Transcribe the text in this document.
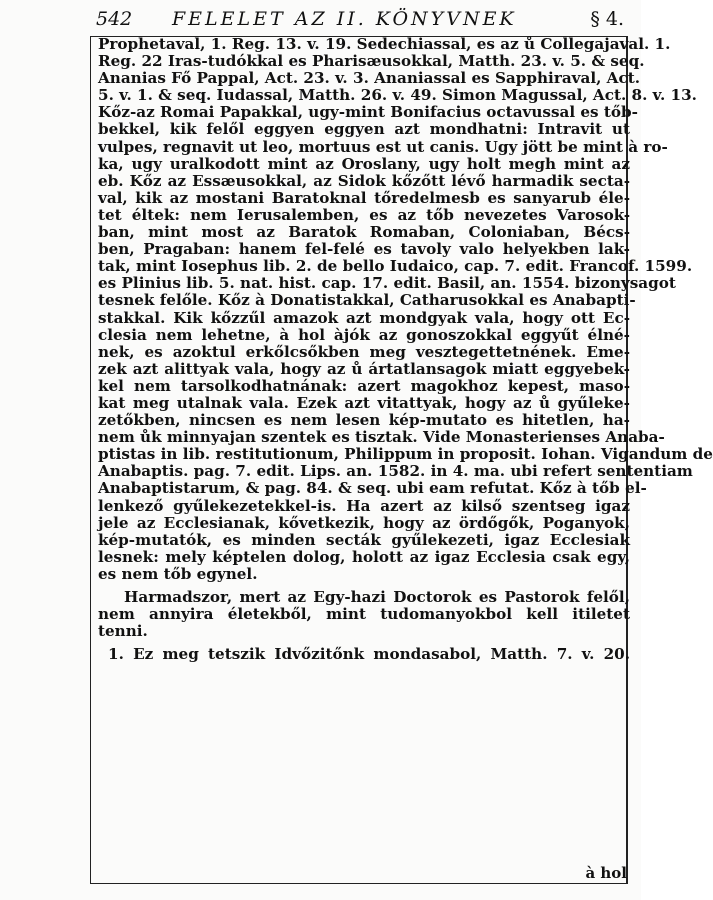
542 FELELET AZ II. KÖNYVNEK	§ 4.
Prophetaval, 1. Reg. 13. v. 19. Sedechiassal, es az ů Collegajaval. 1.
Reg. 22 Iras-tudókkal es Pharisæusokkal, Matth. 23. v. 5. & seq.
Ananias Fő Pappal, Act. 23. v. 3. Ananiassal es Sapphiraval, Act.
5. v. 1. & seq. Iudassal, Matth. 26. v. 49. Simon Magussal, Act. 8. v. 13.
Kőz-az Romai Papakkal, ugy-mint Bonifacius octavussal es tőb-
bekkel, kik felől eggyen eggyen azt mondhatni: Intravit ut
vulpes, regnavit ut leo, mortuus est ut canis. Ugy jött be mint à ro-
ka, ugy uralkodott mint az Oroslany, ugy holt megh mint az
eb. Kőz az Essæusokkal, az Sidok kőzőtt lévő harmadik secta-
val, kik az mostani Baratoknal tőredelmesb es sanyarub éle-
tet éltek: nem Ierusalemben, es az tőb nevezetes Varosok-
ban, mint most az Baratok Romaban, Coloniaban, Bécs-
ben, Pragaban: hanem fel-felé es tavoly valo helyekben lak-
tak, mint Iosephus lib. 2. de bello Iudaico, cap. 7. edit. Francof. 1599.
es Plinius lib. 5. nat. hist. cap. 17. edit. Basil, an. 1554. bizonysagot
tesnek felőle. Kőz à Donatistakkal, Catharusokkal es Anabapti-
stakkal. Kik kőzzűl amazok azt mondgyak vala, hogy ott Ec-
clesia nem lehetne, à hol àjók az gonoszokkal eggyűt élné-
nek, es azoktul erkőlcsőkben meg vesztegettetnének. Eme-
zek azt alittyak vala, hogy az ů ártatlansagok miatt eggyebek-
kel nem tarsolkodhatnának: azert magokhoz kepest, maso-
kat meg utalnak vala. Ezek azt vitattyak, hogy az ů gyűleke-
zetőkben, nincsen es nem lesen kép-mutato es hitetlen, ha-
nem ůk minnyajan szentek es tisztak. Vide Monasterienses Anaba-
ptistas in lib. restitutionum, Philippum in proposit. Iohan. Vigandum de
Anabaptis. pag. 7. edit. Lips. an. 1582. in 4. ma. ubi refert sententiam
Anabaptistarum, & pag. 84. & seq. ubi eam refutat. Kőz à tőb el-
lenkező gyűlekezetekkel-is. Ha azert az kilső szentseg igaz
jele az Ecclesianak, kővetkezik, hogy az ördőgők, Poganyok,
kép-mutatók, es minden secták gyűlekezeti, igaz Ecclesiak
lesnek: mely képtelen dolog, holott az igaz Ecclesia csak egy,
es nem tőb egynel.
Harmadszor, mert az Egy-hazi Doctorok es Pastorok felől,
nem annyira életekből, mint tudomanyokbol kell itiletet
tenni.
1. Ez meg tetszik Idvőzitőnk mondasabol, Matth. 7. v. 20.
à hol
